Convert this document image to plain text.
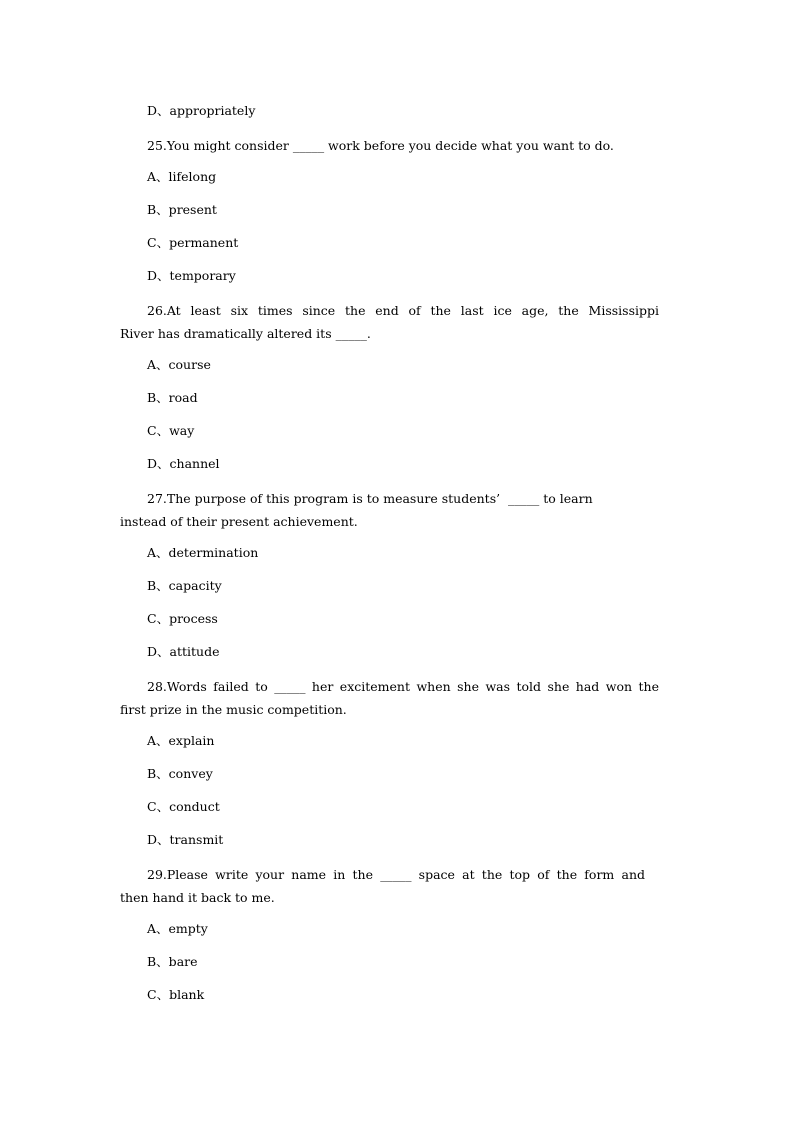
D、appropriately
25.You might consider _____ work before you decide what you want to do.
A、lifelong
B、present
C、permanent
D、temporary
26.At least six times since the end of the last ice age, the Mississippi
River has dramatically altered its _____.
A、course
B、road
C、way
D、channel
27.The purpose of this program is to measure students’  _____ to learn
instead of their present achievement.
A、determination
B、capacity
C、process
D、attitude
28.Words failed to _____ her excitement when she was told she had won the
first prize in the music competition.
A、explain
B、convey
C、conduct
D、transmit
29.Please write your name in the _____ space at the top of the form and
then hand it back to me.
A、empty
B、bare
C、blank
